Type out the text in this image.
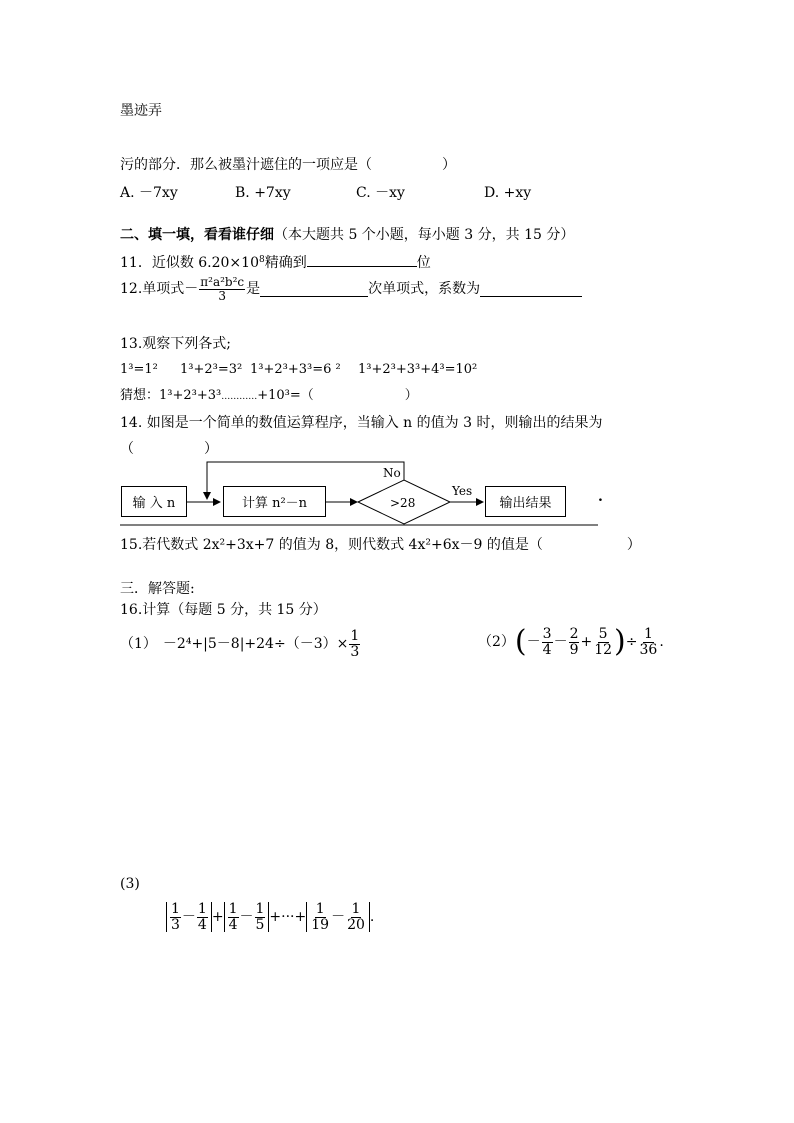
墨迹弄
污的部分．那么被墨汁遮住的一项应是（　　　　　）
A. －7xy	B. +7xy	C. －xy	D. +xy
二、填一填，看看谁仔细（本大题共 5 个小题，每小题 3 分，共 15 分）
11．近似数 $6.20\times 10^8$精确到	位
12.单项式－ $\frac{\text{π²a²b²c}}{3}$ 是	次单项式，系数为
13.观察下列各式;
1³=1² 1³+2³=3² 1³+2³+3³=6 ² 1³+2³+3³+4³=10²
猜想：1³+2³+3³…………+10³=（　　　　　　　）
14. 如图是一个简单的数值运算程序，当输入 n 的值为 3 时，则输出的结果为
（　　　　　）
输 入 n	计算 n²－n	>28
No
Yes
输出结果	.
15.若代数式 2x²+3x+7 的值为 8，则代数式 4x²+6x－9 的值是（　　　　　　）
三．解答题:
16.计算（每题 5 分，共 15 分）
$(1) -2^4+|5-8|+24\div(-3)\times \frac{1}{3}$	（2） ( － $\frac{3}{4} - \frac{2}{9} + \frac{5}{12}$ ) ÷ $\frac{1}{36}$ .
(3)
$\frac{1}{3} - \frac{1}{4} + \frac{1}{4} - \frac{1}{5}$ +···+ $\frac{1}{19} - \frac{1}{20}$ .
